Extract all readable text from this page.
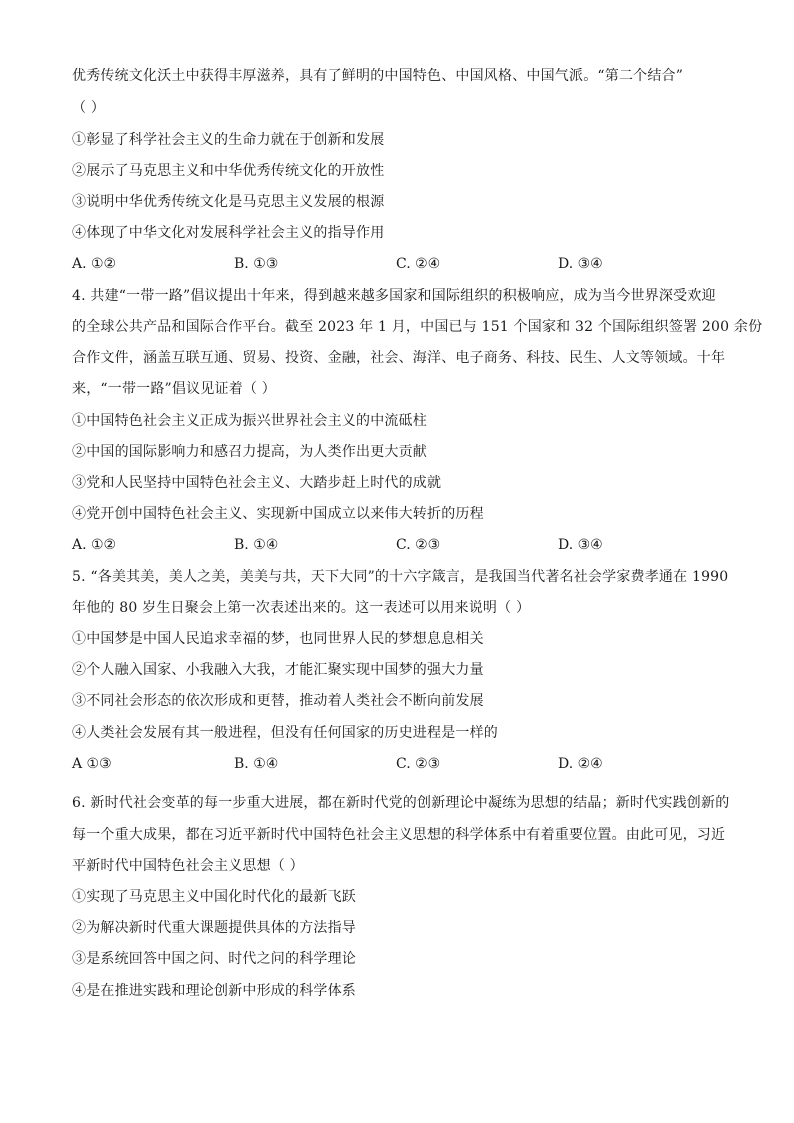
优秀传统文化沃土中获得丰厚滋养，具有了鲜明的中国特色、中国风格、中国气派。“第二个结合”
（ ）
①彰显了科学社会主义的生命力就在于创新和发展
②展示了马克思主义和中华优秀传统文化的开放性
③说明中华优秀传统文化是马克思主义发展的根源
④体现了中华文化对发展科学社会主义的指导作用
A. ①②	B. ①③	C. ②④	D. ③④
4. 共建“一带一路”倡议提出十年来，得到越来越多国家和国际组织的积极响应，成为当今世界深受欢迎
的全球公共产品和国际合作平台。截至 2023 年 1 月，中国已与 151 个国家和 32 个国际组织签署 200 余份
合作文件，涵盖互联互通、贸易、投资、金融，社会、海洋、电子商务、科技、民生、人文等领域。十年
来，“一带一路”倡议见证着（ ）
①中国特色社会主义正成为振兴世界社会主义的中流砥柱
②中国的国际影响力和感召力提高，为人类作出更大贡献
③党和人民坚持中国特色社会主义、大踏步赶上时代的成就
④党开创中国特色社会主义、实现新中国成立以来伟大转折的历程
A. ①②	B. ①④	C. ②③	D. ③④
5. “各美其美，美人之美，美美与共，天下大同”的十六字箴言，是我国当代著名社会学家费孝通在 1990
年他的 80 岁生日聚会上第一次表述出来的。这一表述可以用来说明（ ）
①中国梦是中国人民追求幸福的梦，也同世界人民的梦想息息相关
②个人融入国家、小我融入大我，才能汇聚实现中国梦的强大力量
③不同社会形态的依次形成和更替，推动着人类社会不断向前发展
④人类社会发展有其一般进程，但没有任何国家的历史进程是一样的
A ①③	B. ①④	C. ②③	D. ②④
6. 新时代社会变革的每一步重大进展，都在新时代党的创新理论中凝练为思想的结晶；新时代实践创新的
每一个重大成果，都在习近平新时代中国特色社会主义思想的科学体系中有着重要位置。由此可见，习近
平新时代中国特色社会主义思想（ ）
①实现了马克思主义中国化时代化的最新飞跃
②为解决新时代重大课题提供具体的方法指导
③是系统回答中国之问、时代之问的科学理论
④是在推进实践和理论创新中形成的科学体系
